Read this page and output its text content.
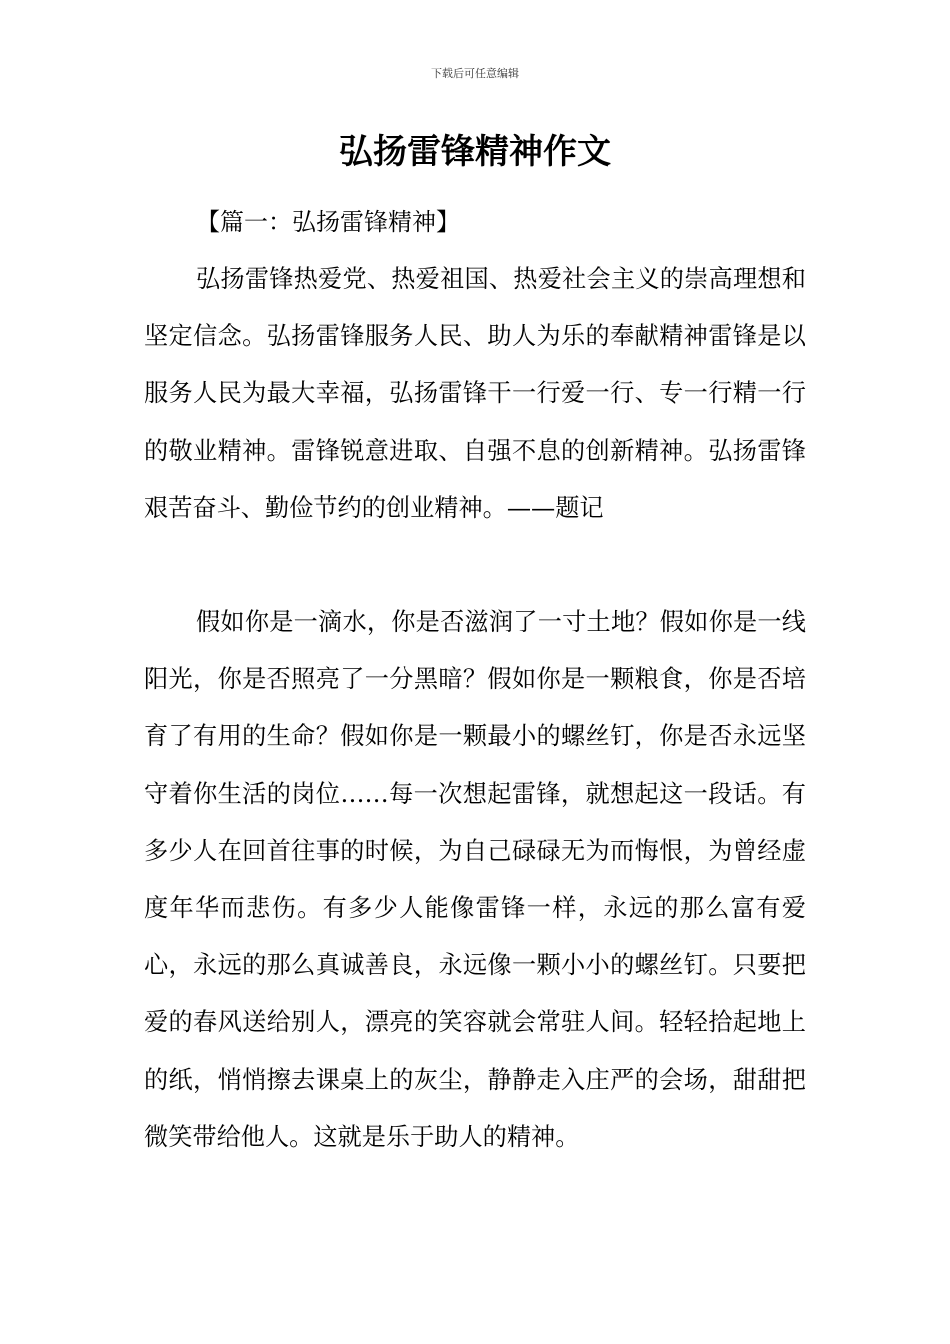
下载后可任意编辑
弘扬雷锋精神作文
【篇一：弘扬雷锋精神】

弘扬雷锋热爱党、热爱祖国、热爱社会主义的崇高理想和坚定信念。弘扬雷锋服务人民、助人为乐的奉献精神雷锋是以服务人民为最大幸福，弘扬雷锋干一行爱一行、专一行精一行的敬业精神。雷锋锐意进取、自强不息的创新精神。弘扬雷锋艰苦奋斗、勤俭节约的创业精神。——题记

假如你是一滴水，你是否滋润了一寸土地？假如你是一线阳光，你是否照亮了一分黑暗？假如你是一颗粮食，你是否培育了有用的生命？假如你是一颗最小的螺丝钉，你是否永远坚守着你生活的岗位……每一次想起雷锋，就想起这一段话。有多少人在回首往事的时候，为自己碌碌无为而悔恨，为曾经虚度年华而悲伤。有多少人能像雷锋一样，永远的那么富有爱心，永远的那么真诚善良，永远像一颗小小的螺丝钉。只要把爱的春风送给别人，漂亮的笑容就会常驻人间。轻轻拾起地上的纸，悄悄擦去课桌上的灰尘，静静走入庄严的会场，甜甜把微笑带给他人。这就是乐于助人的精神。
